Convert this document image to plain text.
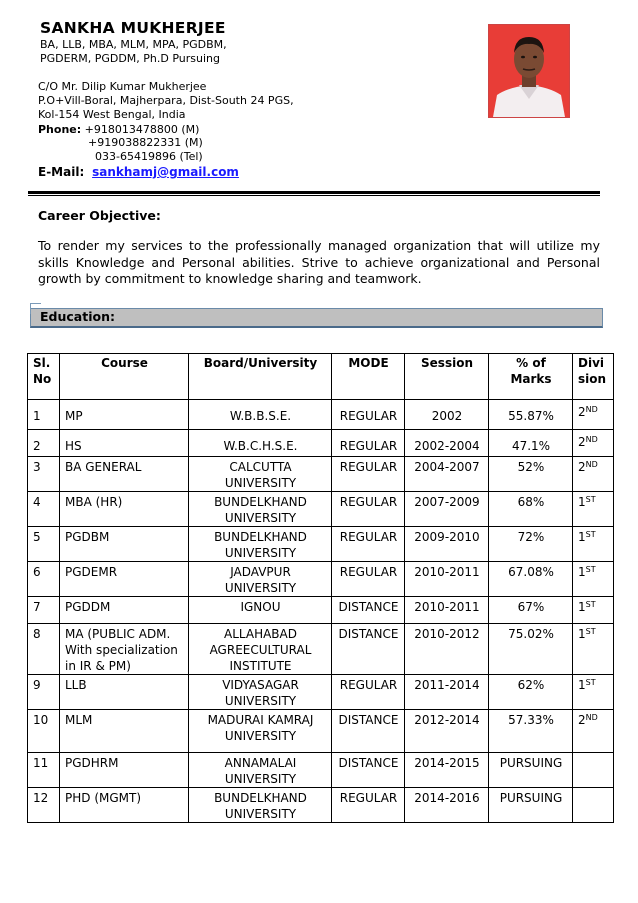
SANKHA MUKHERJEE
BA, LLB, MBA, MLM, MPA, PGDBM,
PGDERM, PGDDM, Ph.D Pursuing
C/O Mr. Dilip Kumar Mukherjee
P.O+Vill-Boral, Majherpara, Dist-South 24 PGS,
Kol-154 West Bengal, India
Phone: +918013478800 (M)
+919038822331 (M)
033-65419896 (Tel)
E-Mail: sankhamj@gmail.com
Career Objective:
To render my services to the professionally managed organization that will utilize my skills Knowledge and Personal abilities. Strive to achieve organizational and Personal growth by commitment to knowledge sharing and teamwork.
Education:
Sl. No	Course	Board/University	MODE	Session	% of Marks	Divi sion
1	MP	W.B.B.S.E.	REGULAR	2002	55.87%	2ND
2	HS	W.B.C.H.S.E.	REGULAR	2002-2004	47.1%	2ND
3	BA GENERAL	CALCUTTA UNIVERSITY	REGULAR	2004-2007	52%	2ND
4	MBA (HR)	BUNDELKHAND UNIVERSITY	REGULAR	2007-2009	68%	1ST
5	PGDBM	BUNDELKHAND UNIVERSITY	REGULAR	2009-2010	72%	1ST
6	PGDEMR	JADAVPUR UNIVERSITY	REGULAR	2010-2011	67.08%	1ST
7	PGDDM	IGNOU	DISTANCE	2010-2011	67%	1ST
8	MA (PUBLIC ADM. With specialization in IR & PM)	ALLAHABAD AGREECULTURAL INSTITUTE	DISTANCE	2010-2012	75.02%	1ST
9	LLB	VIDYASAGAR UNIVERSITY	REGULAR	2011-2014	62%	1ST
10	MLM	MADURAI KAMRAJ UNIVERSITY	DISTANCE	2012-2014	57.33%	2ND
11	PGDHRM	ANNAMALAI UNIVERSITY	DISTANCE	2014-2015	PURSUING	
12	PHD (MGMT)	BUNDELKHAND UNIVERSITY	REGULAR	2014-2016	PURSUING	
